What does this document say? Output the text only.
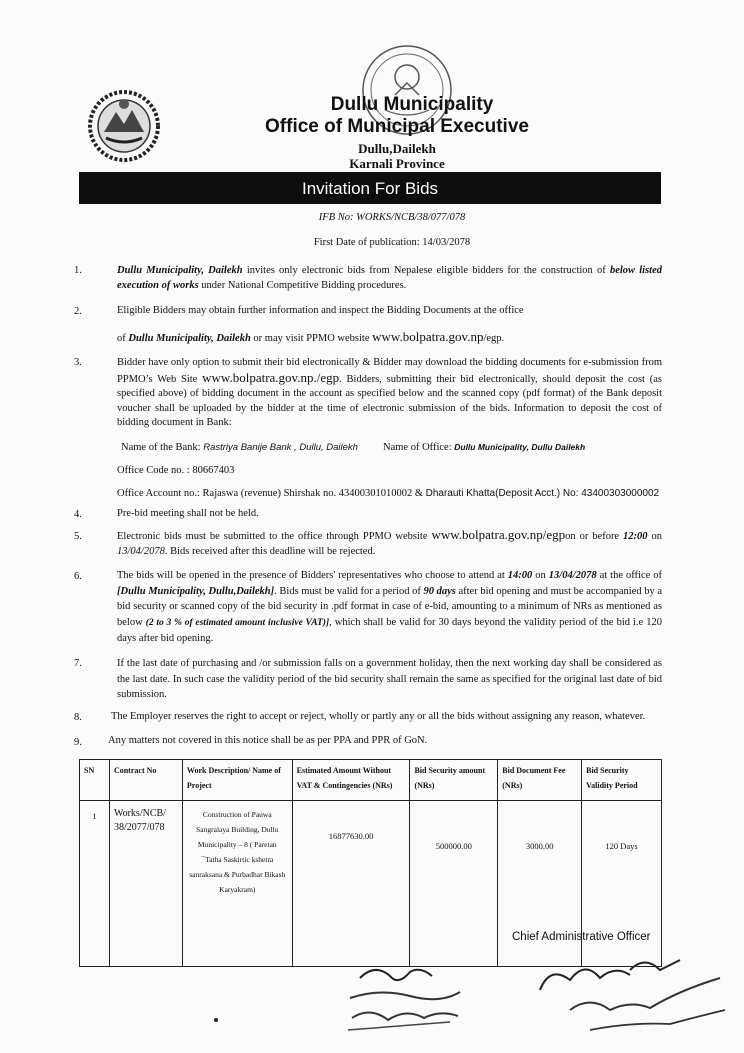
Dullu Municipality
Office of Municipal Executive
Dullu,Dailekh
Karnali Province
Invitation For Bids
IFB No: WORKS/NCB/38/077/078
First Date of publication: 14/03/2078
1.	Dullu Municipality, Dailekh invites only electronic bids from Nepalese eligible bidders for the construction of below listed execution of works under National Competitive Bidding procedures.
2.	Eligible Bidders may obtain further information and inspect the Bidding Documents at the office
of Dullu Municipality, Dailekh or may visit PPMO website www.bolpatra.gov.np/egp.
3.	Bidder have only option to submit their bid electronically & Bidder may download the bidding documents for e-submission from PPMO’s Web Site www.bolpatra.gov.np./egp. Bidders, submitting their bid electronically, should deposit the cost (as specified above) of bidding document in the account as specified below and the scanned copy (pdf format) of the Bank deposit voucher shall be uploaded by the bidder at the time of electronic submission of the bids. Information to deposit the cost of bidding document in Bank:
Name of the Bank: Rastriya Banije Bank , Dullu, Dailekh Name of Office: Dullu Municipality, Dullu Dailekh
Office Code no. : 80667403
Office Account no.: Rajaswa (revenue) Shirshak no. 43400301010002 & Dharauti Khatta(Deposit Acct.) No: 43400303000002
4.	Pre-bid meeting shall not be held.
5.	Electronic bids must be submitted to the office through PPMO website www.bolpatra.gov.np/egpon or before 12:00 on 13/04/2078. Bids received after this deadline will be rejected.
6.	The bids will be opened in the presence of Bidders' representatives who choose to attend at 14:00 on 13/04/2078 at the office of [Dullu Municipality, Dullu,Dailekh]. Bids must be valid for a period of 90 days after bid opening and must be accompanied by a bid security or scanned copy of the bid security in .pdf format in case of e-bid, amounting to a minimum of NRs as mentioned as below (2 to 3 % of estimated amount inclusive VAT)], which shall be valid for 30 days beyond the validity period of the bid i.e 120 days after bid opening.
7.	If the last date of purchasing and /or submission falls on a government holiday, then the next working day shall be considered as the last date. In such case the validity period of the bid security shall remain the same as specified for the original last date of bid submission.
8.	The Employer reserves the right to accept or reject, wholly or partly any or all the bids without assigning any reason, whatever.
9. Any matters not covered in this notice shall be as per PPA and PPR of GoN.
SN	Contract No	Work Description/ Name of Project	Estimated Amount Without VAT & Contingencies (NRs)	Bid Security amount (NRs)	Bid Document Fee (NRs)	Bid Security Validity Period
1	Works/NCB/ 38/2077/078	Construction of Pauwa Sangralaya Building, Dullu Municipality – 8 ( Paretan ¯Tatha Saskirtic kshetra sanraksana & Purbadhar Bikash Karyakram)	16877630.00	500000.00	3000.00	120 Days
Chief Administrative Officer
